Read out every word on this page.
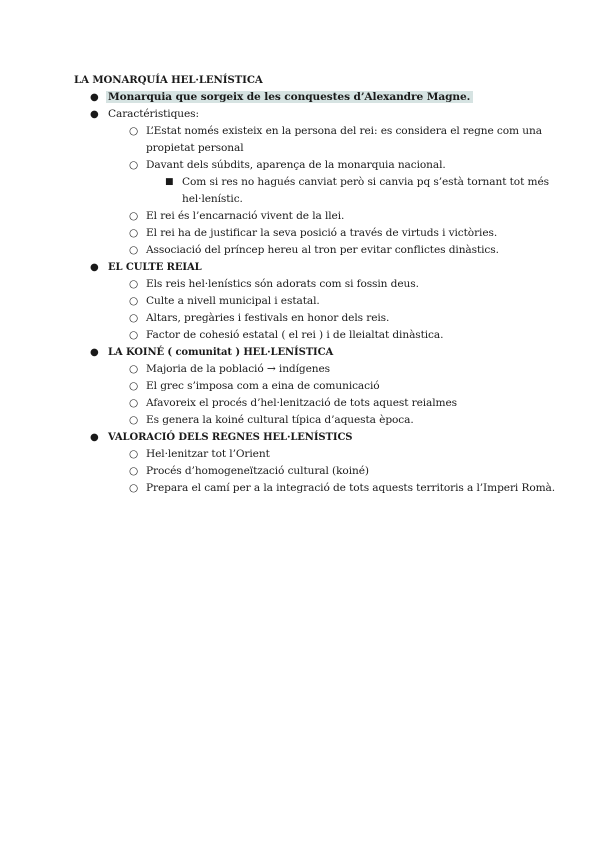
LA MONARQUÍA HEL·LENÍSTICA
● Monarquia que sorgeix de les conquestes d’Alexandre Magne.
● Caractéristiques:
○ L’Estat només existeix en la persona del rei: es considera el regne com una
propietat personal
○ Davant dels súbdits, aparença de la monarquia nacional.
■ Com si res no hagués canviat però si canvia pq s’està tornant tot més
hel·lenístic.
○ El rei és l’encarnació vivent de la llei.
○ El rei ha de justificar la seva posició a través de virtuds i victòries.
○ Associació del príncep hereu al tron per evitar conflictes dinàstics.
● EL CULTE REIAL
○ Els reis hel·lenístics són adorats com si fossin deus.
○ Culte a nivell municipal i estatal.
○ Altars, pregàries i festivals en honor dels reis.
○ Factor de cohesió estatal ( el rei ) i de lleialtat dinàstica.
● LA KOINÉ ( comunitat ) HEL·LENÍSTICA
○ Majoria de la població → indígenes
○ El grec s’imposa com a eina de comunicació
○ Afavoreix el procés d’hel·lenització de tots aquest reialmes
○ Es genera la koiné cultural típica d’aquesta època.
● VALORACIÓ DELS REGNES HEL·LENÍSTICS
○ Hel·lenitzar tot l’Orient
○ Procés d’homogeneïtzació cultural (koiné)
○ Prepara el camí per a la integració de tots aquests territoris a l’Imperi Romà.
